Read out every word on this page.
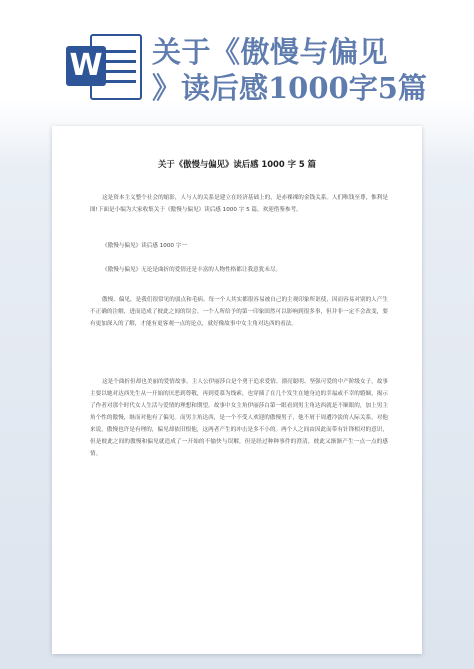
W 关于《傲慢与偏见
》读后感1000字5篇
关于《傲慢与偏见》读后感 1000 字 5 篇

这是资本主义整个社会的缩影，人与人的关系是建立在经济基础上的，是赤裸裸的金钱关系。人们唯钱至尊，惟利是图!下面是小编为大家收集关于《傲慢与偏见》读后感 1000 字 5 篇，欢迎借鉴参考。

《傲慢与偏见》读后感 1000 字一

《傲慢与偏见》无论是曲折的爱情还是丰富的人物性格都让我意犹未尽。

傲慢、偏见，是我们很常见的弱点和毛病。每一个人其实都很容易被自己的主观印象所诓使，因而容易对别的人产生不正确的注解，进而造成了彼此之间的误会。一个人所给予的第一印象固然可以影响到很多事，但并非一定不会改变，要有更加深入的了解，才能有更客观一点的论点，就好像故事中女主角对达西的看法。

这是个曲折但却也美丽的爱情故事，主人公伊丽莎白是个勇于追求爱情、漂亮聪明、坚强可爱的中产阶级女子。故事主要以她对达西先生从一开始的厌恶到尊敬，再到爱慕为线索，也穿插了在几个发生在她身边的幸福或不幸的婚姻，揭示了作者对那个时代女人生活与爱情的理想和期望。故事中女主角伊丽莎白第一眼看到男主角达西就是不顺眼的，加上男主角个性的傲慢，继而对他有了偏见。而男主角达西，是一个不受人欢迎的傲慢男子，他不屑于周遭冷淡的人际关系，对他来说，傲慢也许是有理的，偏见却依旧恨他，这两者产生的冲击是多不小的。两个人之间由因此而带有针锋相对的意识，但是彼此之间的傲慢和偏见就造成了一开始的不愉快与误解，但是经过种种事件的澄清，彼此又渐渐产生一点一点的感情。
